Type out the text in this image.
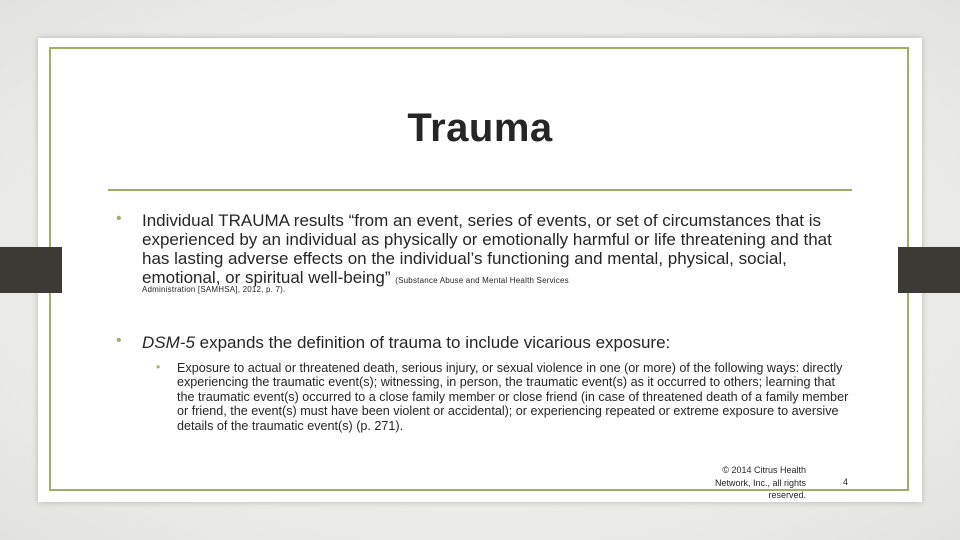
Trauma
• Individual TRAUMA results “from an event, series of events, or set of circumstances that is experienced by an individual as physically or emotionally harmful or life threatening and that has lasting adverse effects on the individual’s functioning and mental, physical, social, emotional, or spiritual well-being” (Substance Abuse and Mental Health Services

Administration [SAMHSA], 2012, p. 7).
• DSM-5 expands the definition of trauma to include vicarious exposure:

• Exposure to actual or threatened death, serious injury, or sexual violence in one (or more) of the following ways: directly experiencing the traumatic event(s); witnessing, in person, the traumatic event(s) as it occurred to others; learning that the traumatic event(s) occurred to a close family member or close friend (in case of threatened death of a family member or friend, the event(s) must have been violent or accidental); or experiencing repeated or extreme exposure to aversive details of the traumatic event(s) (p. 271).

© 2014 Citrus Health
Network, Inc., all rights
reserved.
4
